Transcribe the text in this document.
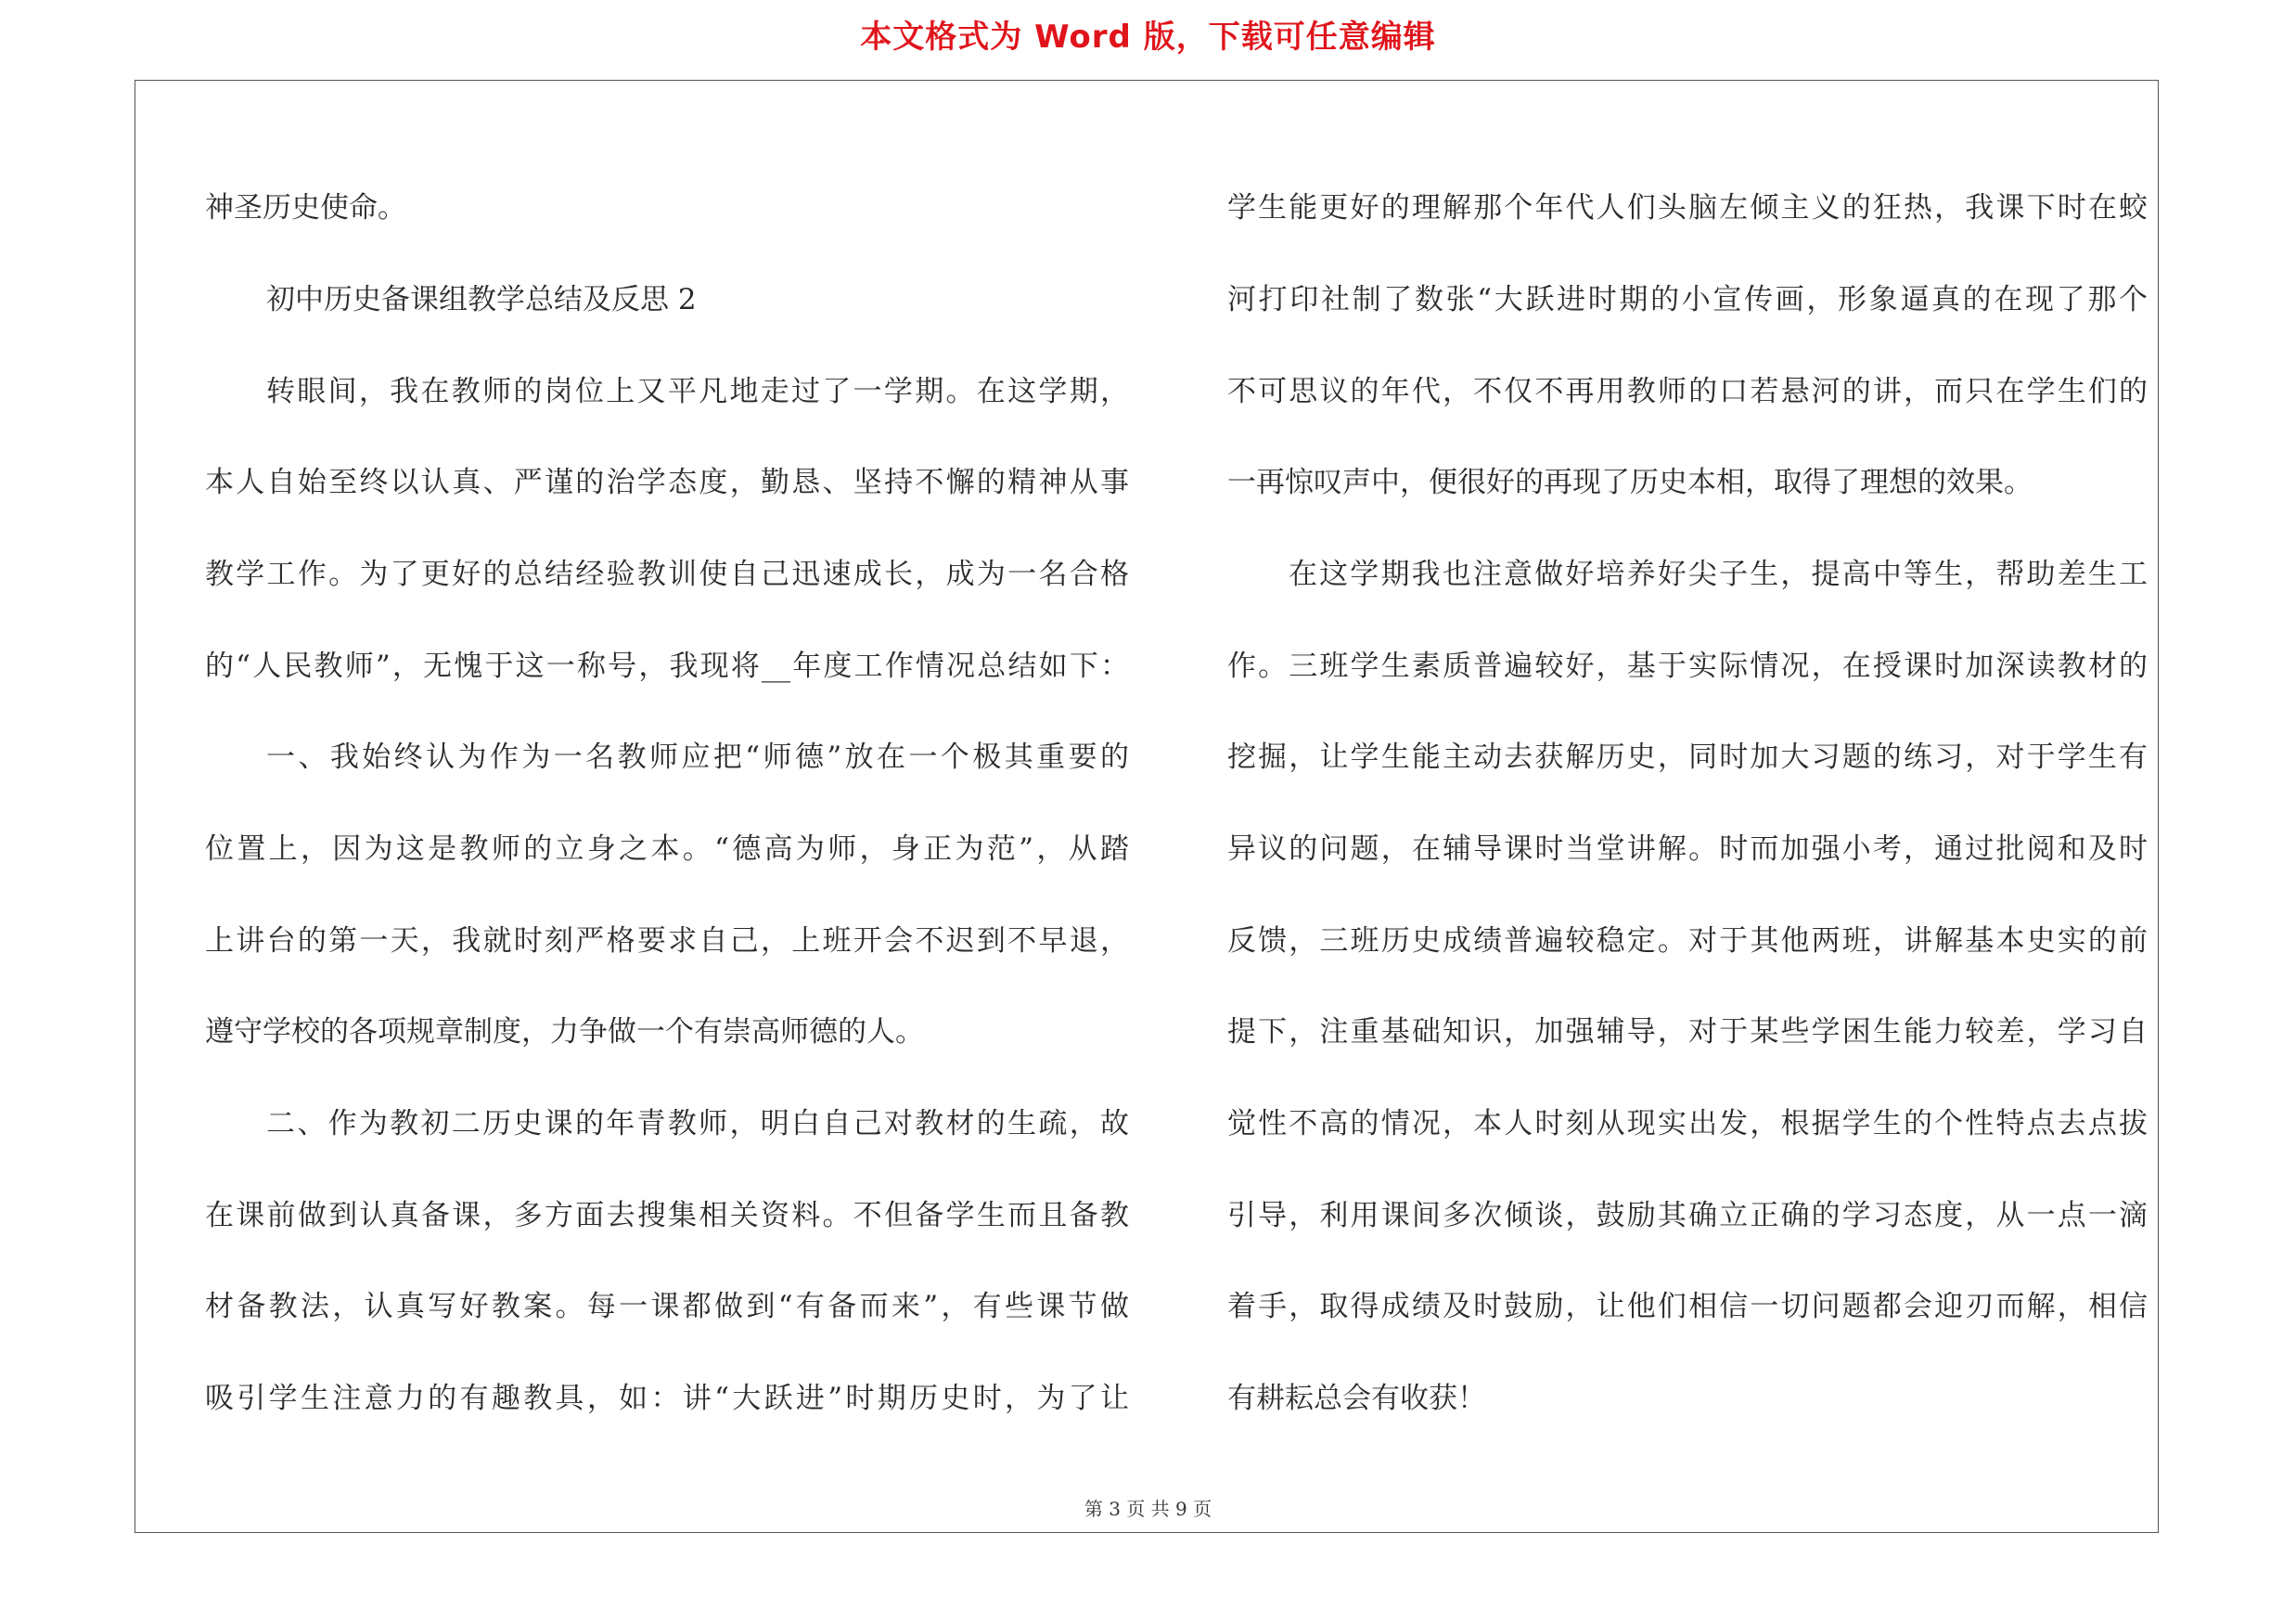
本文格式为 Word 版，下载可任意编辑
神圣历史使命。
初中历史备课组教学总结及反思 2
转眼间，我在教师的岗位上又平凡地走过了一学期。在这学期，
本人自始至终以认真、严谨的治学态度，勤恳、坚持不懈的精神从事
教学工作。为了更好的总结经验教训使自己迅速成长，成为一名合格
的“人民教师”，无愧于这一称号，我现将__年度工作情况总结如下：
一、我始终认为作为一名教师应把“师德”放在一个极其重要的
位置上，因为这是教师的立身之本。“德高为师，身正为范”，从踏
上讲台的第一天，我就时刻严格要求自己，上班开会不迟到不早退，
遵守学校的各项规章制度，力争做一个有崇高师德的人。
二、作为教初二历史课的年青教师，明白自己对教材的生疏，故
在课前做到认真备课，多方面去搜集相关资料。不但备学生而且备教
材备教法，认真写好教案。每一课都做到“有备而来”，有些课节做
吸引学生注意力的有趣教具，如：讲“大跃进”时期历史时，为了让
学生能更好的理解那个年代人们头脑左倾主义的狂热，我课下时在蛟
河打印社制了数张“大跃进时期的小宣传画，形象逼真的在现了那个
不可思议的年代，不仅不再用教师的口若悬河的讲，而只在学生们的
一再惊叹声中，便很好的再现了历史本相，取得了理想的效果。
在这学期我也注意做好培养好尖子生，提高中等生，帮助差生工
作。三班学生素质普遍较好，基于实际情况，在授课时加深读教材的
挖掘，让学生能主动去获解历史，同时加大习题的练习，对于学生有
异议的问题，在辅导课时当堂讲解。时而加强小考，通过批阅和及时
反馈，三班历史成绩普遍较稳定。对于其他两班，讲解基本史实的前
提下，注重基础知识，加强辅导，对于某些学困生能力较差，学习自
觉性不高的情况，本人时刻从现实出发，根据学生的个性特点去点拔
引导，利用课间多次倾谈，鼓励其确立正确的学习态度，从一点一滴
着手，取得成绩及时鼓励，让他们相信一切问题都会迎刃而解，相信
有耕耘总会有收获！
第 3 页 共 9 页
